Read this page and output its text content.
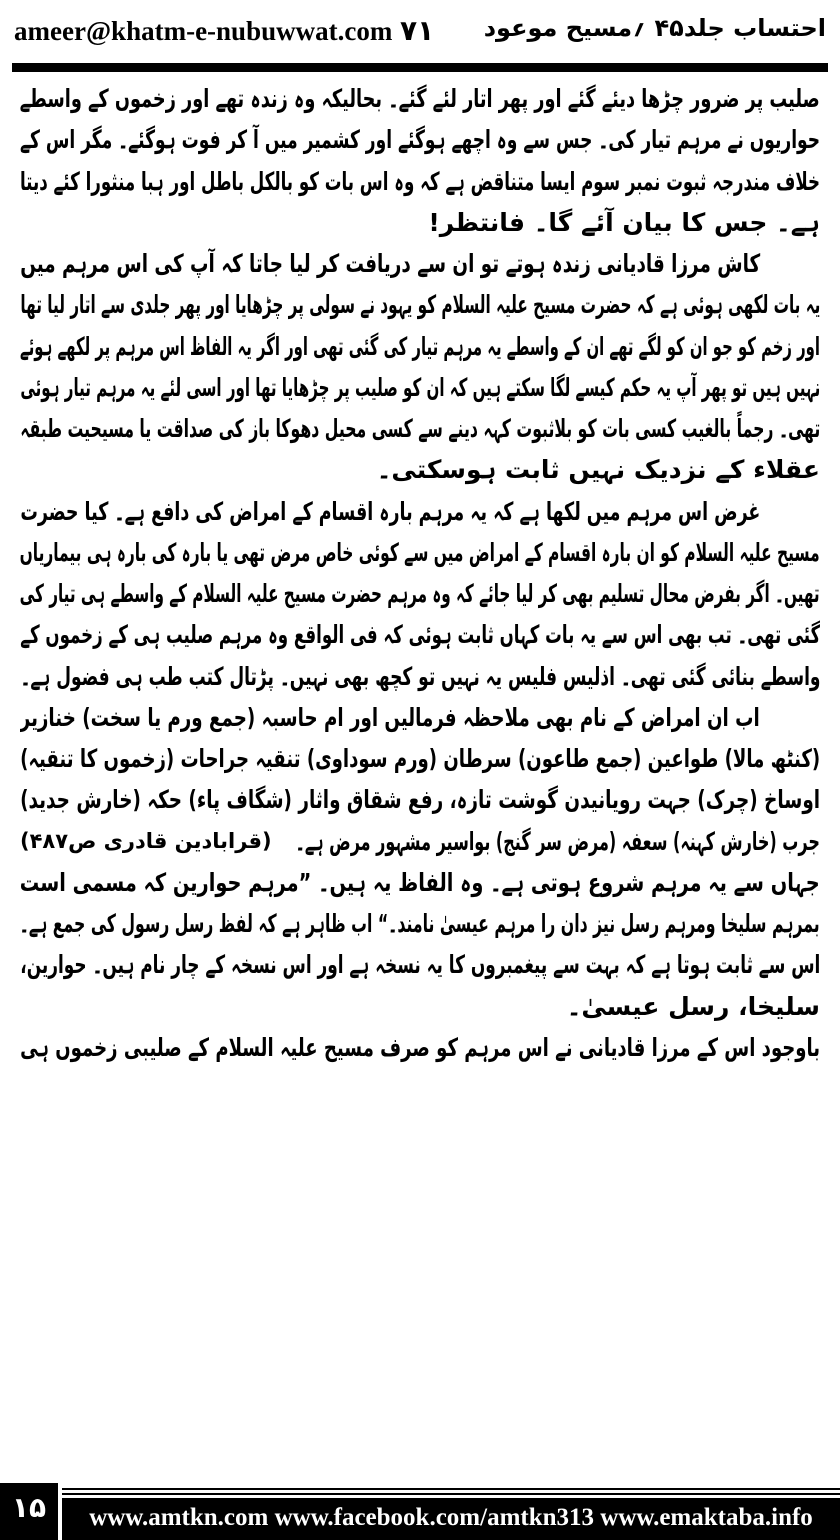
ameer@khatm-e-nubuwwat.com ۷۱ احتساب جلد۴۵ ؍مسیح موعود
صلیب پر ضرور چڑھا دیئے گئے اور پھر اتار لئے گئے۔ بحالیکہ وہ زندہ تھے اور زخموں کے واسطے
حواریوں نے مرہم تیار کی۔ جس سے وہ اچھے ہوگئے اور کشمیر میں آ کر فوت ہوگئے۔ مگر اس کے
خلاف مندرجہ ثبوت نمبر سوم ایسا متناقض ہے کہ وہ اس بات کو بالکل باطل اور ہبا منثورا کئے دیتا
ہے۔ جس کا بیان آئے گا۔ فانتظر!
کاش مرزا قادیانی زندہ ہوتے تو ان سے دریافت کر لیا جاتا کہ آپ کی اس مرہم میں
یہ بات لکھی ہوئی ہے کہ حضرت مسیح علیہ السلام کو یہود نے سولی پر چڑھایا اور پھر جلدی سے اتار لیا تھا
اور زخم کو جو ان کو لگے تھے ان کے واسطے یہ مرہم تیار کی گئی تھی اور اگر یہ الفاظ اس مرہم پر لکھے ہوئے
نہیں ہیں تو پھر آپ یہ حکم کیسے لگا سکتے ہیں کہ ان کو صلیب پر چڑھایا تھا اور اسی لئے یہ مرہم تیار ہوئی
تھی۔ رجماً بالغیب کسی بات کو بلاثبوت کہہ دینے سے کسی محیل دھوکا باز کی صداقت یا مسیحیت طبقہ
عقلاء کے نزدیک نہیں ثابت ہوسکتی۔
غرض اس مرہم میں لکھا ہے کہ یہ مرہم بارہ اقسام کے امراض کی دافع ہے۔ کیا حضرت
مسیح علیہ السلام کو ان بارہ اقسام کے امراض میں سے کوئی خاص مرض تھی یا بارہ کی بارہ ہی بیماریاں
تھیں۔ اگر بفرض محال تسلیم بھی کر لیا جائے کہ وہ مرہم حضرت مسیح علیہ السلام کے واسطے ہی تیار کی
گئی تھی۔ تب بھی اس سے یہ بات کہاں ثابت ہوئی کہ فی الواقع وہ مرہم صلیب ہی کے زخموں کے
واسطے بنائی گئی تھی۔ اذلیس فلیس یہ نہیں تو کچھ بھی نہیں۔ پڑتال کتب طب ہی فضول ہے۔
اب ان امراض کے نام بھی ملاحظہ فرمالیں اور ام حاسبہ (جمع ورم یا سخت) خنازیر
(کنٹھ مالا) طواعین (جمع طاعون) سرطان (ورم سوداوی) تنقیہ جراحات (زخموں کا تنقیہ)
اوساخ (چرک) جہت رویانیدن گوشت تازہ، رفع شقاق واثار (شگاف پاء) حکہ (خارش جدید)
جرب (خارش کہنہ) سعفہ (مرض سر گنج) بواسیر مشہور مرض ہے۔
(قرابادین قادری ص۴۸۷)
جہاں سے یہ مرہم شروع ہوتی ہے۔ وہ الفاظ یہ ہیں۔ ”مرہم حوارین کہ مسمی است
بمرہم سلیخا ومرہم رسل نیز دان را مرہم عیسیٰ نامند۔“ اب ظاہر ہے کہ لفظ رسل رسول کی جمع ہے۔
اس سے ثابت ہوتا ہے کہ بہت سے پیغمبروں کا یہ نسخہ ہے اور اس نسخہ کے چار نام ہیں۔ حوارین،
سلیخا، رسل عیسیٰ۔
باوجود اس کے مرزا قادیانی نے اس مرہم کو صرف مسیح علیہ السلام کے صلیبی زخموں ہی
۱۵	www.amtkn.com www.facebook.com/amtkn313 www.emaktaba.info
